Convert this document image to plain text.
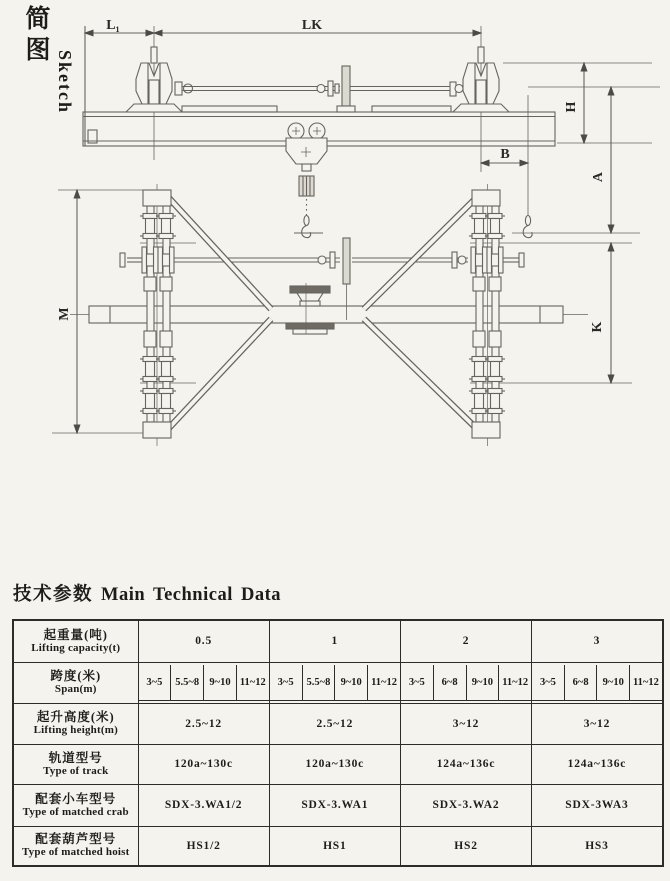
简图
Sketch
L₁	LK
H
B
A
M
K
技术参数 Main Technical Data
起重量(吨)
Lifting capacity(t)	0.5	1	2	3

跨度(米)
Span(m)

3~5	5.5~8 9~10 11~12	3~5	5.5~8 9~10 11~12	3~5	6~8	9~10 11~12	3~5	6~8	9~10 11~12

起升高度(米)
Lifting height(m)	2.5~12	2.5~12	3~12	3~12

轨道型号
Type of track	120a~130c	120a~130c	124a~136c	124a~136c

配套小车型号
Type of matched crab	SDX-3.WA1/2	SDX-3.WA1	SDX-3.WA2	SDX-3WA3

配套葫芦型号
Type of matched hoist	HS1/2	HS1	HS2	HS3
